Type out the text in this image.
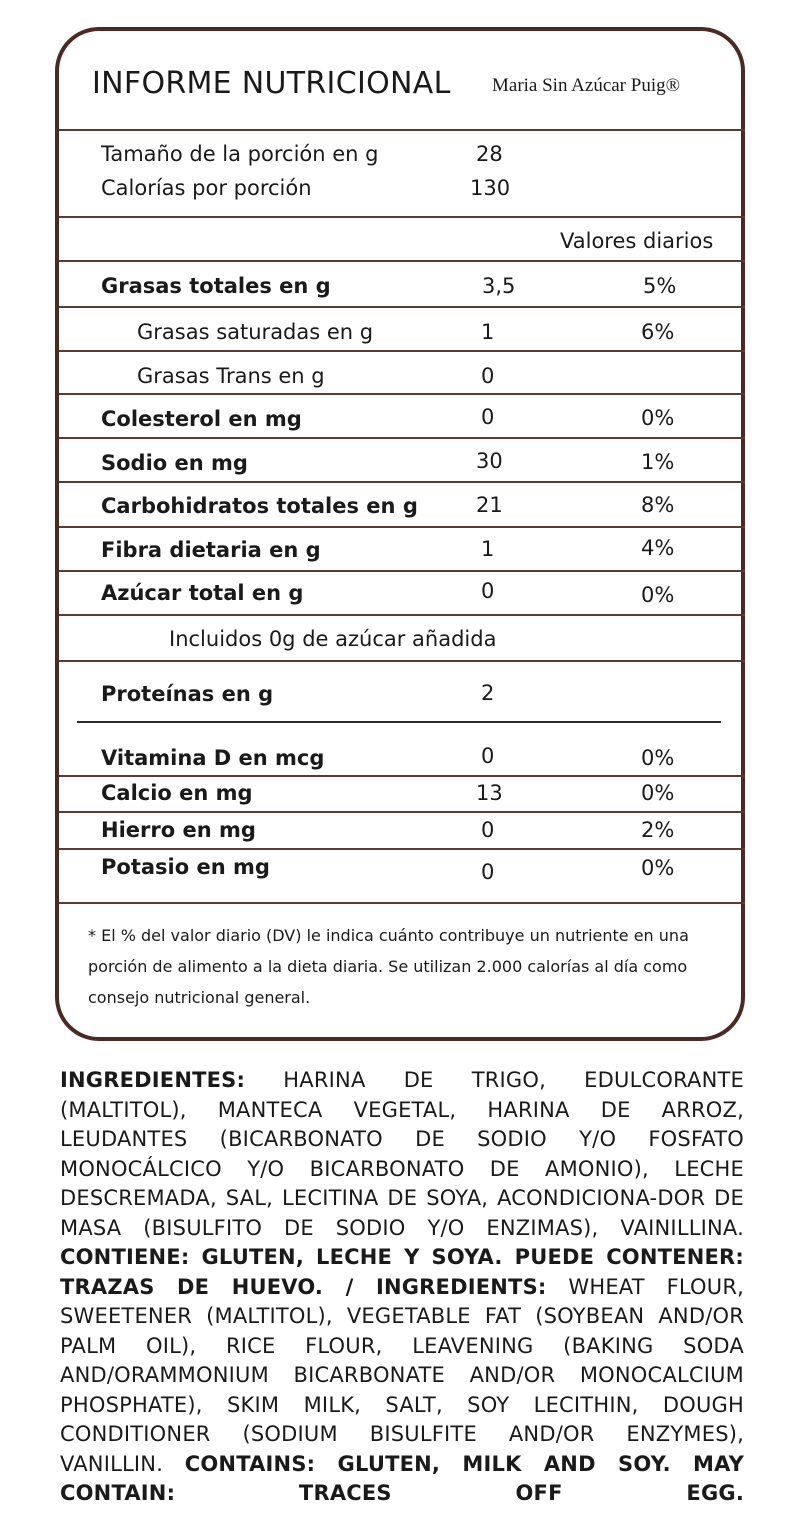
INFORME NUTRICIONAL Maria Sin Azúcar Puig®
Tamaño de la porción en g	28
Calorías por porción	130
Valores diarios
Grasas totales en g	3,5	5%
Grasas saturadas en g	1	6%
Grasas Trans en g	0
Colesterol en mg	0	0%
Sodio en mg	30	1%
Carbohidratos totales en g	21	8%
Fibra dietaria en g	1	4%
Azúcar total en g	0	0%
Incluidos 0g de azúcar añadida
Proteínas en g	2
Vitamina D en mcg	0	0%
Calcio en mg	13	0%
Hierro en mg	0	2%
Potasio en mg	0	0%
* El % del valor diario (DV) le indica cuánto contribuye un nutriente en una porción de alimento a la dieta diaria. Se utilizan 2.000 calorías al día como consejo nutricional general.
INGREDIENTES: HARINA DE TRIGO, EDULCORANTE (MALTITOL), MANTECA VEGETAL, HARINA DE ARROZ, LEUDANTES (BICARBONATO DE SODIO Y/O FOSFATO MONOCÁLCICO Y/O BICARBONATO DE AMONIO), LECHE DESCREMADA, SAL, LECITINA DE SOYA, ACONDICIONA-DOR DE MASA (BISULFITO DE SODIO Y/O ENZIMAS), VAINILLINA. CONTIENE: GLUTEN, LECHE Y SOYA. PUEDE CONTENER: TRAZAS DE HUEVO. / INGREDIENTS: WHEAT FLOUR, SWEETENER (MALTITOL), VEGETABLE FAT (SOYBEAN AND/OR PALM OIL), RICE FLOUR, LEAVENING (BAKING SODA AND/ORAMMONIUM BICARBONATE AND/OR MONOCALCIUM PHOSPHATE), SKIM MILK, SALT, SOY LECITHIN, DOUGH CONDITIONER (SODIUM BISULFITE AND/OR ENZYMES), VANILLIN. CONTAINS: GLUTEN, MILK AND SOY. MAY CONTAIN: TRACES OFF EGG.
